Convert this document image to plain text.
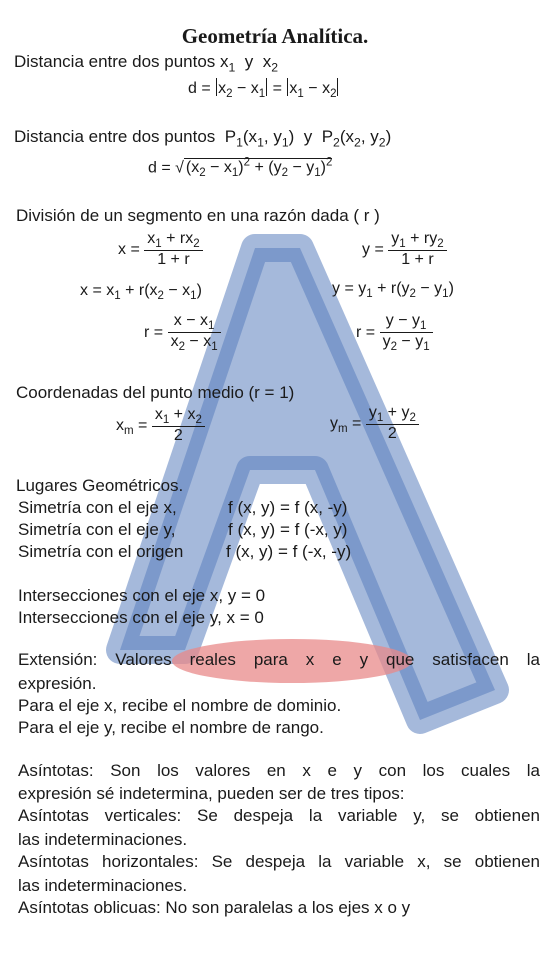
Geometría Analítica.
Distancia entre dos puntos $x_1$  y  $x_2$
$d = x_2 - x_1 = x_1 - x_2$
Distancia entre dos puntos  $P_1(x_1$, $y_1$)  y  $P_2(x_2$, $y_2$)
d = √ $(x_2 - x_1)^2 + (y_2 - y_1)^2$
División de un segmento en una razón dada ( r )
$x = \frac{x_1 + rx_2}{1 + r}$	$y = \frac{y_1 + ry_2}{1 + r}$
$x = x_1 + r(x_2 - x_1)$	$y = y_1 + r(y_2 - y_1)$
$r = \frac{x - x_1}{x_2 - x_1}$	$r = \frac{y - y_1}{y_2 - y_1}$
Coordenadas del punto medio (r = 1)
$x_m = \frac{x_1 + x_2}{2}$	$y_m = \frac{y_1 + y_2}{2}$
Lugares Geométricos.
Simetría con el eje x,	f (x, y) = f (x, -y)
Simetría con el eje y,	f (x, y) = f (-x, y)
Simetría con el origen	f (x, y) = f (-x, -y)
Intersecciones con el eje x, y = 0
Intersecciones con el eje y, x = 0
Extensión: Valores reales para x e y que satisfacen la
expresión.
Para el eje x, recibe el nombre de dominio.
Para el eje y, recibe el nombre de rango.
Asíntotas: Son los valores en x e y con los cuales la
expresión sé indetermina, pueden ser de tres tipos:
Asíntotas verticales: Se despeja la variable y, se obtienen
las indeterminaciones.
Asíntotas horizontales: Se despeja la variable x, se obtienen
las indeterminaciones.
Asíntotas oblicuas: No son paralelas a los ejes x o y
